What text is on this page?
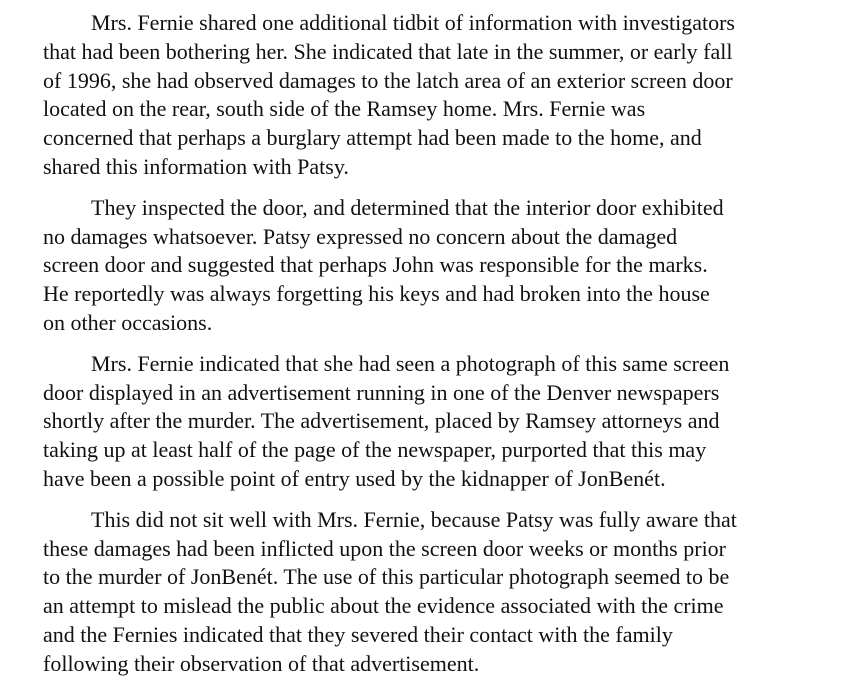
Mrs. Fernie shared one additional tidbit of information with investigators
that had been bothering her. She indicated that late in the summer, or early fall
of 1996, she had observed damages to the latch area of an exterior screen door
located on the rear, south side of the Ramsey home. Mrs. Fernie was
concerned that perhaps a burglary attempt had been made to the home, and
shared this information with Patsy.

They inspected the door, and determined that the interior door exhibited
no damages whatsoever. Patsy expressed no concern about the damaged
screen door and suggested that perhaps John was responsible for the marks.
He reportedly was always forgetting his keys and had broken into the house
on other occasions.

Mrs. Fernie indicated that she had seen a photograph of this same screen
door displayed in an advertisement running in one of the Denver newspapers
shortly after the murder. The advertisement, placed by Ramsey attorneys and
taking up at least half of the page of the newspaper, purported that this may
have been a possible point of entry used by the kidnapper of JonBenét.

This did not sit well with Mrs. Fernie, because Patsy was fully aware that
these damages had been inflicted upon the screen door weeks or months prior
to the murder of JonBenét. The use of this particular photograph seemed to be
an attempt to mislead the public about the evidence associated with the crime
and the Fernies indicated that they severed their contact with the family
following their observation of that advertisement.
